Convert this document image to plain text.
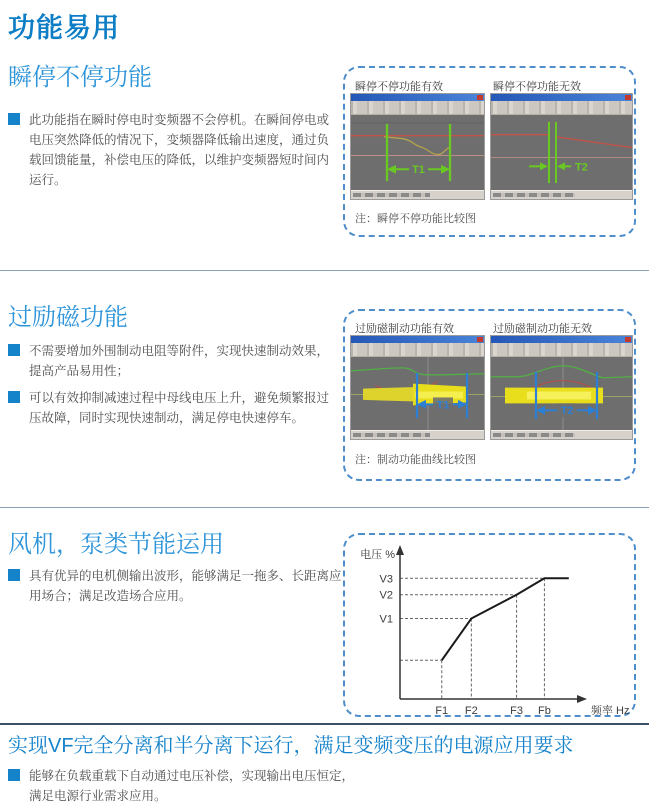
功能易用
瞬停不停功能

此功能指在瞬时停电时变频器不会停机。在瞬间停电或电压突然降低的情况下，变频器降低输出速度，通过负载回馈能量，补偿电压的降低，以维护变频器短时间内运行。

瞬停不停功能有效	瞬停不停功能无效
T1	T2
注：瞬停不停功能比较图
过励磁功能

不需要增加外围制动电阻等附件，实现快速制动效果，提高产品易用性；

可以有效抑制减速过程中母线电压上升，避免频繁报过压故障，同时实现快速制动，满足停电快速停车。

过励磁制动功能有效	过励磁制动功能无效
T1	T2
注：制动功能曲线比较图
风机，泵类节能运用

具有优异的电机侧输出波形，能够满足一拖多、长距离应用场合；满足改造场合应用。

F1 F2	F3 Fb
V1
V2
V3
电压 %
频率 Hz
实现VF完全分离和半分离下运行，满足变频变压的电源应用要求

能够在负载重载下自动通过电压补偿，实现输出电压恒定，满足电源行业需求应用。
